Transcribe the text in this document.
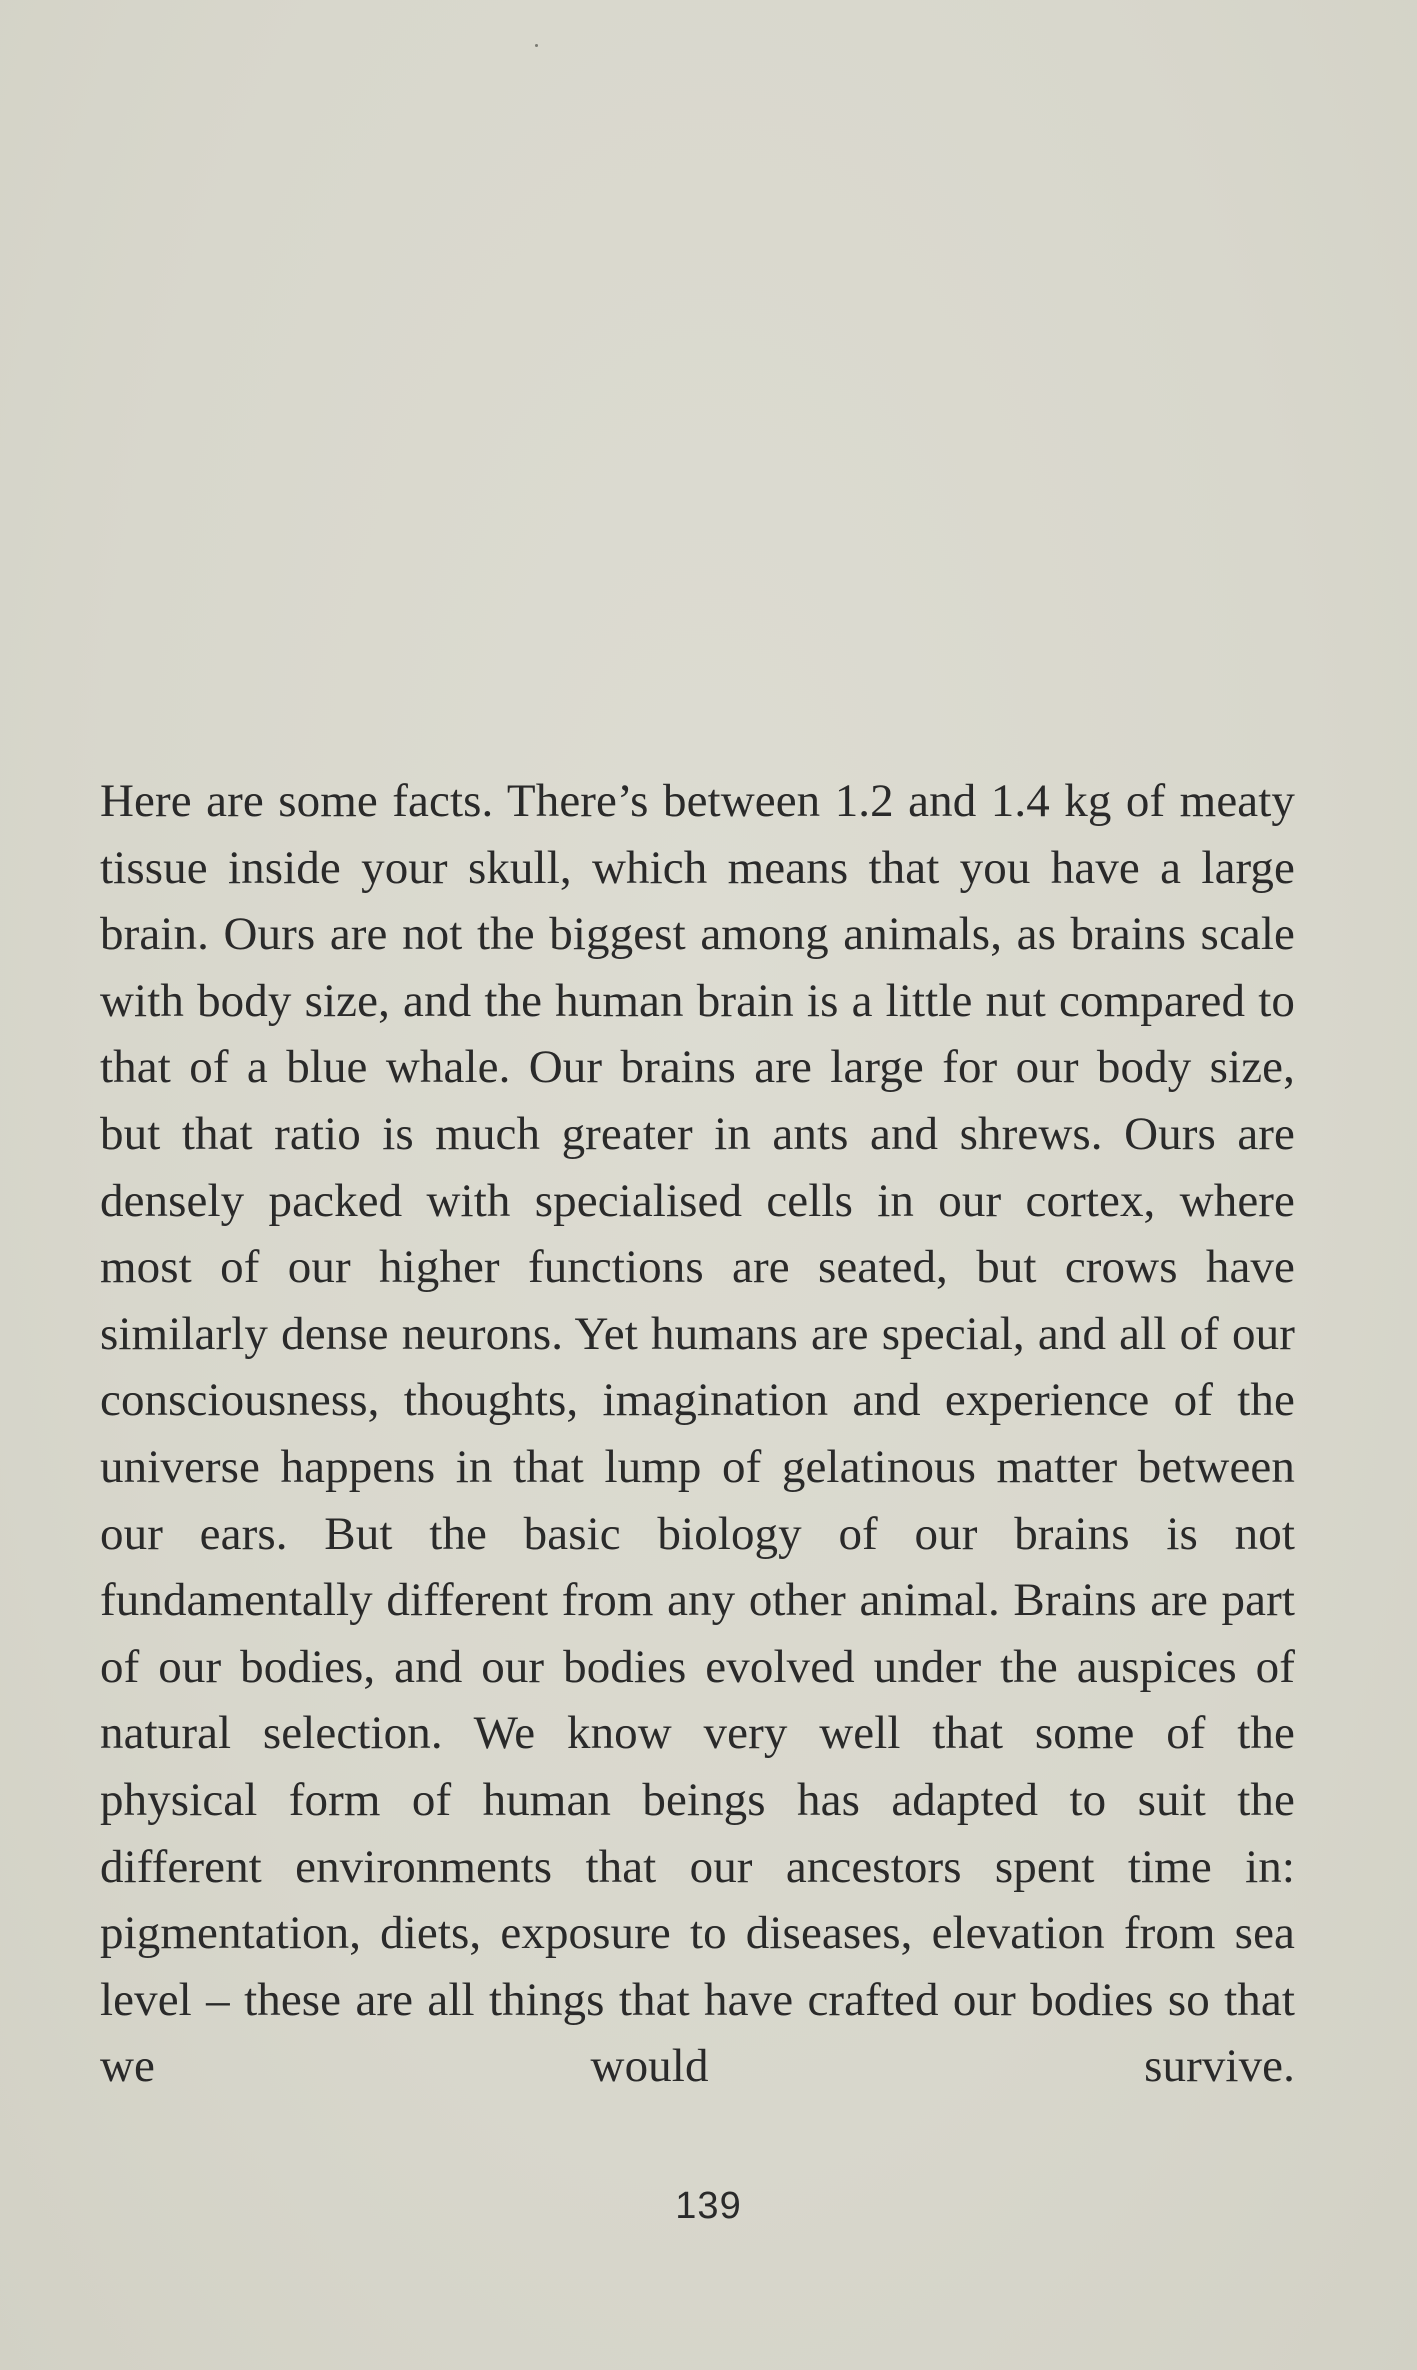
Here are some facts. There’s between 1.2 and 1.4 kg of meaty tissue inside your skull, which means that you have a large brain. Ours are not the biggest among animals, as brains scale with body size, and the human brain is a little nut compared to that of a blue whale. Our brains are large for our body size, but that ratio is much greater in ants and shrews. Ours are densely packed with specialised cells in our cortex, where most of our higher functions are seated, but crows have similarly dense neurons. Yet humans are special, and all of our consciousness, thoughts, imagination and experience of the universe happens in that lump of gelatinous matter between our ears. But the basic biology of our brains is not fundamentally different from any other animal. Brains are part of our bodies, and our bodies evolved under the auspices of natural selection. We know very well that some of the physical form of human beings has adapted to suit the different environments that our ancestors spent time in: pigmentation, diets, exposure to diseases, elevation from sea level – these are all things that have crafted our bodies so that we would survive.

139
